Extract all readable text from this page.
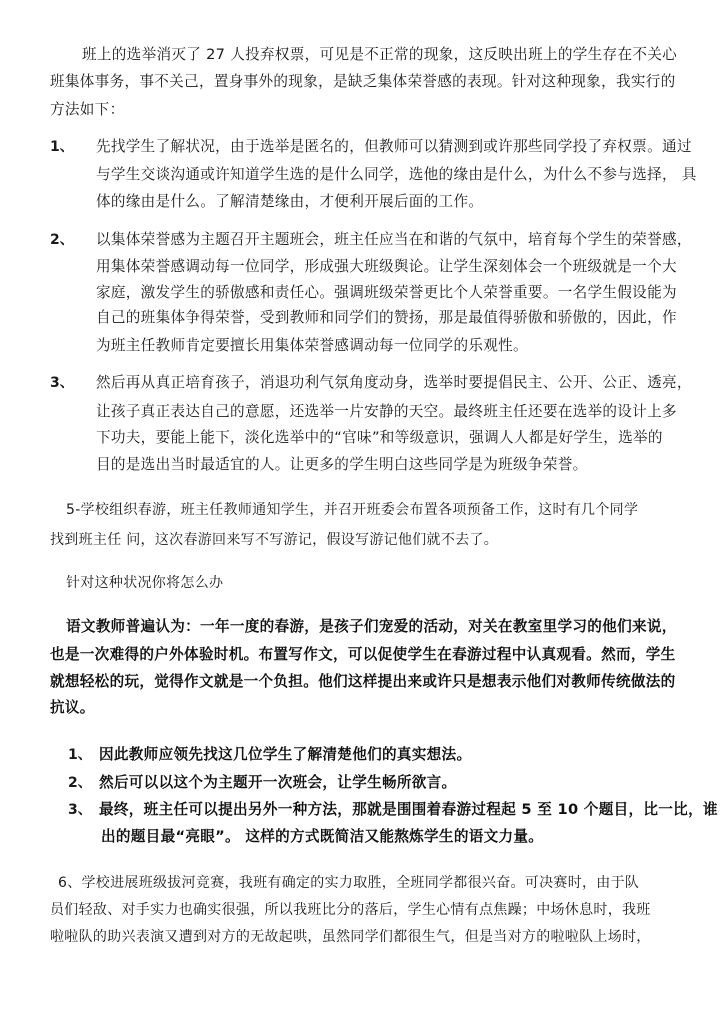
班上的选举消灭了 27 人投弃权票，可见是不正常的现象，这反映出班上的学生存在不关心
班集体事务，事不关己，置身事外的现象，是缺乏集体荣誉感的表现。针对这种现象，我实行的
方法如下：
1、 先找学生了解状况，由于选举是匿名的，但教师可以猜测到或许那些同学投了弃权票。通过
与学生交谈沟通或许知道学生选的是什么同学，选他的缘由是什么，为什么不参与选择， 具
体的缘由是什么。了解清楚缘由，才便利开展后面的工作。
2、 以集体荣誉感为主题召开主题班会，班主任应当在和谐的气氛中，培育每个学生的荣誉感，
用集体荣誉感调动每一位同学，形成强大班级舆论。让学生深刻体会一个班级就是一个大
家庭，激发学生的骄傲感和责任心。强调班级荣誉更比个人荣誉重要。一名学生假设能为
自己的班集体争得荣誉，受到教师和同学们的赞扬，那是最值得骄傲和骄傲的，因此，作
为班主任教师肯定要擅长用集体荣誉感调动每一位同学的乐观性。
3、 然后再从真正培育孩子，消退功利气氛角度动身，选举时要提倡民主、公开、公正、透亮，
让孩子真正表达自己的意愿，还选举一片安静的天空。最终班主任还要在选举的设计上多
下功夫，要能上能下，淡化选举中的“官味”和等级意识，强调人人都是好学生，选举的
目的是选出当时最适宜的人。让更多的学生明白这些同学是为班级争荣誉。
5-学校组织春游，班主任教师通知学生，并召开班委会布置各项预备工作，这时有几个同学
找到班主任 问，这次春游回来写不写游记，假设写游记他们就不去了。
针对这种状况你将怎么办
语文教师普遍认为：一年一度的春游，是孩子们宠爱的活动，对关在教室里学习的他们来说，
也是一次难得的户外体验时机。布置写作文，可以促使学生在春游过程中认真观看。然而，学生
就想轻松的玩，觉得作文就是一个负担。他们这样提出来或许只是想表示他们对教师传统做法的
抗议。
1、 因此教师应领先找这几位学生了解清楚他们的真实想法。
2、 然后可以以这个为主题开一次班会，让学生畅所欲言。
3、 最终，班主任可以提出另外一种方法，那就是围围着春游过程起 5 至 10 个题目，比一比，谁
出的题目最“亮眼”。 这样的方式既简洁又能熬炼学生的语文力量。
6、学校进展班级拔河竞赛，我班有确定的实力取胜，全班同学都很兴奋。可决赛时，由于队
员们轻敌、对手实力也确实很强，所以我班比分的落后，学生心情有点焦躁；中场休息时，我班
啦啦队的助兴表演又遭到对方的无故起哄，虽然同学们都很生气，但是当对方的啦啦队上场时，
